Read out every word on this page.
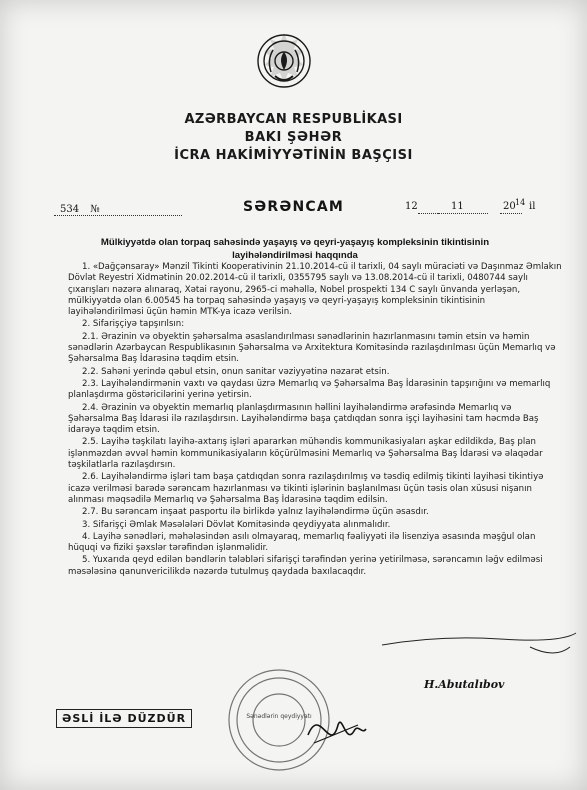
AZƏRBAYCAN RESPUBLİKASI
BAKI ŞƏHƏR
İCRA HAKİMİYYƏTİNİN BAŞÇISI
534 №	SƏRƏNCAM	12	11	20 14 il
Mülkiyyətdə olan torpaq sahəsində yaşayış və qeyri-yaşayış kompleksinin tikintisinin layihələndirilməsi haqqında

1. «Dağçənsaray» Mənzil Tikinti Kooperativinin 21.10.2014-cü il tarixli, 04 saylı müraciəti və Daşınmaz Əmlakın Dövlət Reyestri Xidmətinin 20.02.2014-cü il tarixli, 0355795 saylı və 13.08.2014-cü il tarixli, 0480744 saylı çıxarışları nəzərə alınaraq, Xətai rayonu, 2965-ci məhəllə, Nobel prospekti 134 C saylı ünvanda yerləşən, mülkiyyətdə olan 6.00545 ha torpaq sahəsində yaşayış və qeyri-yaşayış kompleksinin tikintisinin layihələndirilməsi üçün həmin MTK-ya icazə verilsin.

2. Sifarişçiyə tapşırılsın:

2.1. Ərazinin və obyektin şəhərsalma əsaslandırılması sənədlərinin hazırlanmasını təmin etsin və həmin sənədlərin Azərbaycan Respublikasının Şəhərsalma və Arxitektura Komitəsində razılaşdırılması üçün Memarlıq və Şəhərsalma Baş İdarəsinə təqdim etsin.

2.2. Sahəni yerində qəbul etsin, onun sanitar vəziyyətinə nəzarət etsin.

2.3. Layihələndirmənin vaxtı və qaydası üzrə Memarlıq və Şəhərsalma Baş İdarəsinin tapşırığını və memarlıq planlaşdırma göstəricilərini yerinə yetirsin.

2.4. Ərazinin və obyektin memarlıq planlaşdırmasının həllini layihələndirmə ərəfəsində Memarlıq və Şəhərsalma Baş İdarəsi ilə razılaşdırsın. Layihələndirmə başa çatdıqdan sonra işçi layihəsini tam həcmdə Baş idarəyə təqdim etsin.

2.5. Layihə təşkilatı layihə-axtarış işləri apararkən mühəndis kommunikasiyaları aşkar edildikdə, Baş plan işlənməzdən əvvəl həmin kommunikasiyaların köçürülməsini Memarlıq və Şəhərsalma Baş İdarəsi və əlaqədar təşkilatlarla razılaşdırsın.

2.6. Layihələndirmə işləri tam başa çatdıqdan sonra razılaşdırılmış və təsdiq edilmiş tikinti layihəsi tikintiyə icazə verilməsi barədə sərəncam hazırlanması və tikinti işlərinin başlanılması üçün təsis olan xüsusi nişanın alınması məqsədilə Memarlıq və Şəhərsalma Baş İdarəsinə təqdim edilsin.

2.7. Bu sərəncam inşaat pasportu ilə birlikdə yalnız layihələndirmə üçün əsasdır.

3. Sifarişçi Əmlak Məsələləri Dövlət Komitəsində qeydiyyata alınmalıdır.

4. Layihə sənədləri, məhələsindən asılı olmayaraq, memarlıq fəaliyyəti ilə lisenziya əsasında məşğul olan hüquqi və fiziki şəxslər tərəfindən işlənməlidir.

5. Yuxarıda qeyd edilən bəndlərin tələbləri sifarişçi tərəfindən yerinə yetirilməsə, sərəncamın ləğv edilməsi məsələsinə qanunvericilikdə nəzərdə tutulmuş qaydada baxılacaqdır.

Sənədlərin qeydiyyatı
H.Abutalıbov
ƏSLİ İLƏ DÜZDÜR
